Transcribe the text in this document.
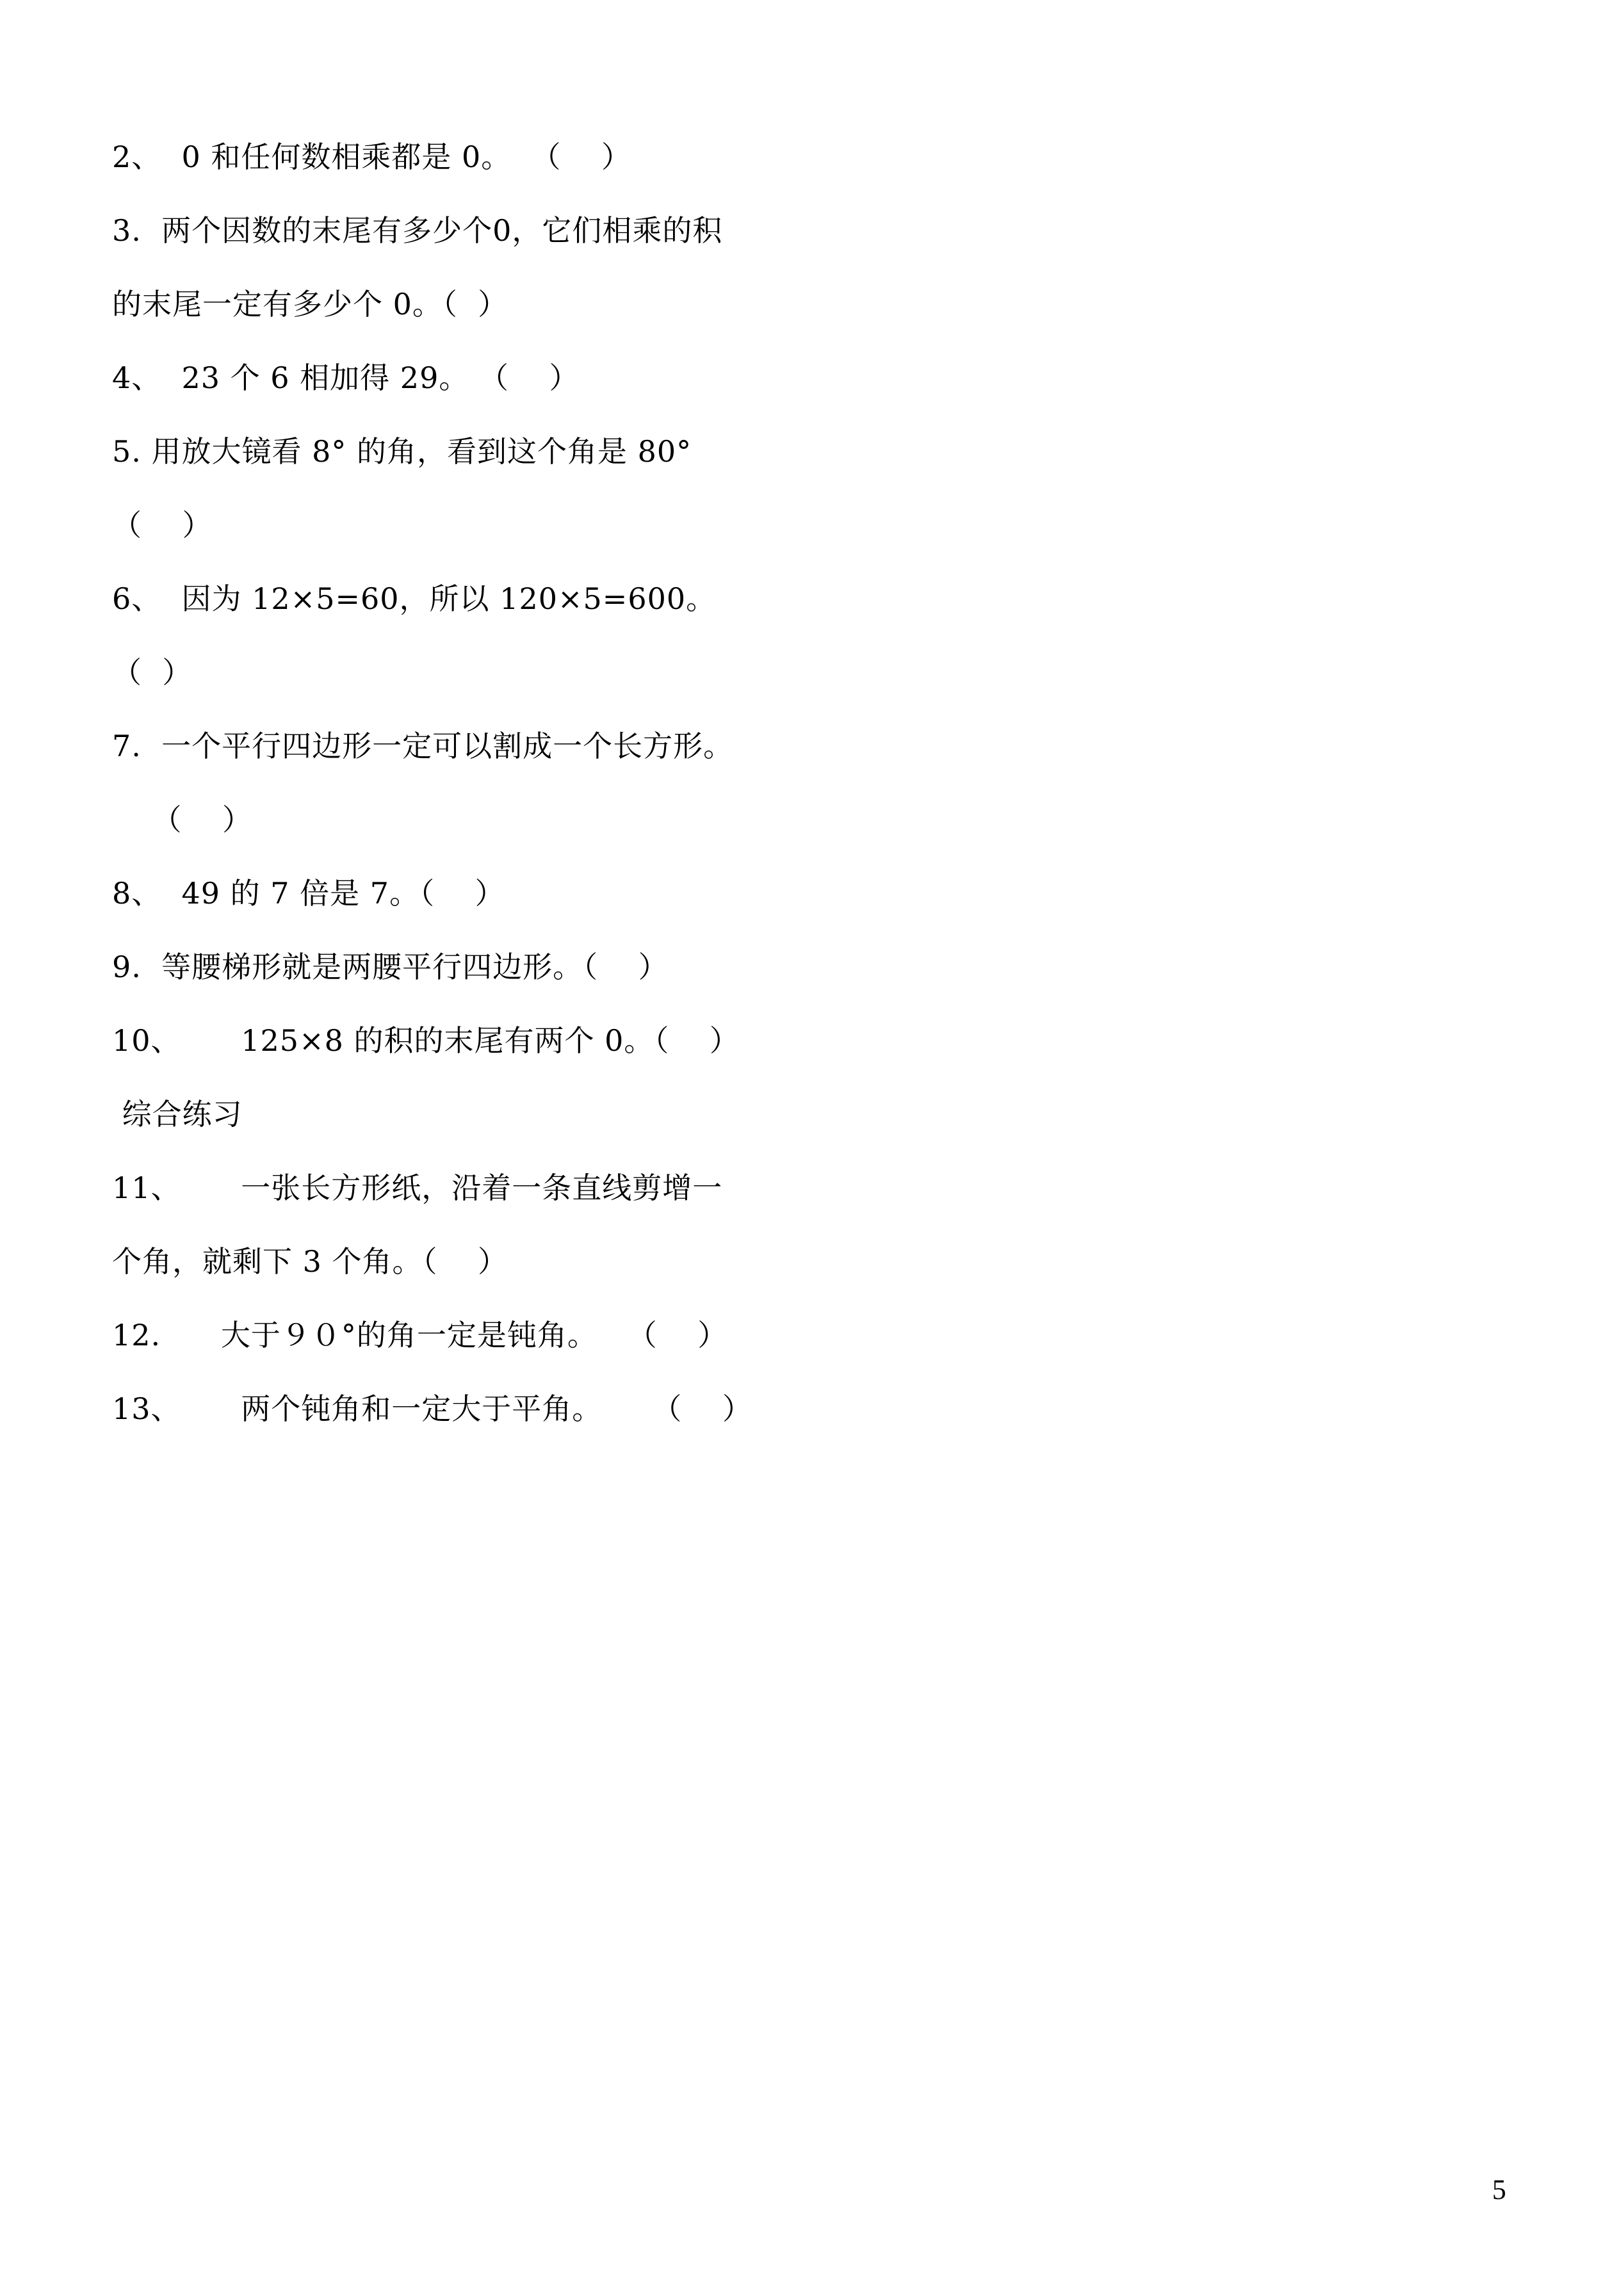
2、  0 和任何数相乘都是 0。  （    ）
3.  两个因数的末尾有多少个0，它们相乘的积
的末尾一定有多少个 0。（  ）
4、  23 个 6 相加得 29。 （    ）
5. 用放大镜看 8° 的角，看到这个角是 80°
（    ）
6、  因为 12×5=60，所以 120×5=600。
（  ）
7.  一个平行四边形一定可以割成一个长方形。
（    ）
8、  49 的 7 倍是 7。（    ）
9.  等腰梯形就是两腰平行四边形。（    ）
10、      125×8 的积的末尾有两个 0。（    ）
综合练习
11、      一张长方形纸，沿着一条直线剪增一
个角，就剩下 3 个角。（    ）
12.      大于９０°的角一定是钝角。   （    ）
13、      两个钝角和一定大于平角。     （    ）
5
